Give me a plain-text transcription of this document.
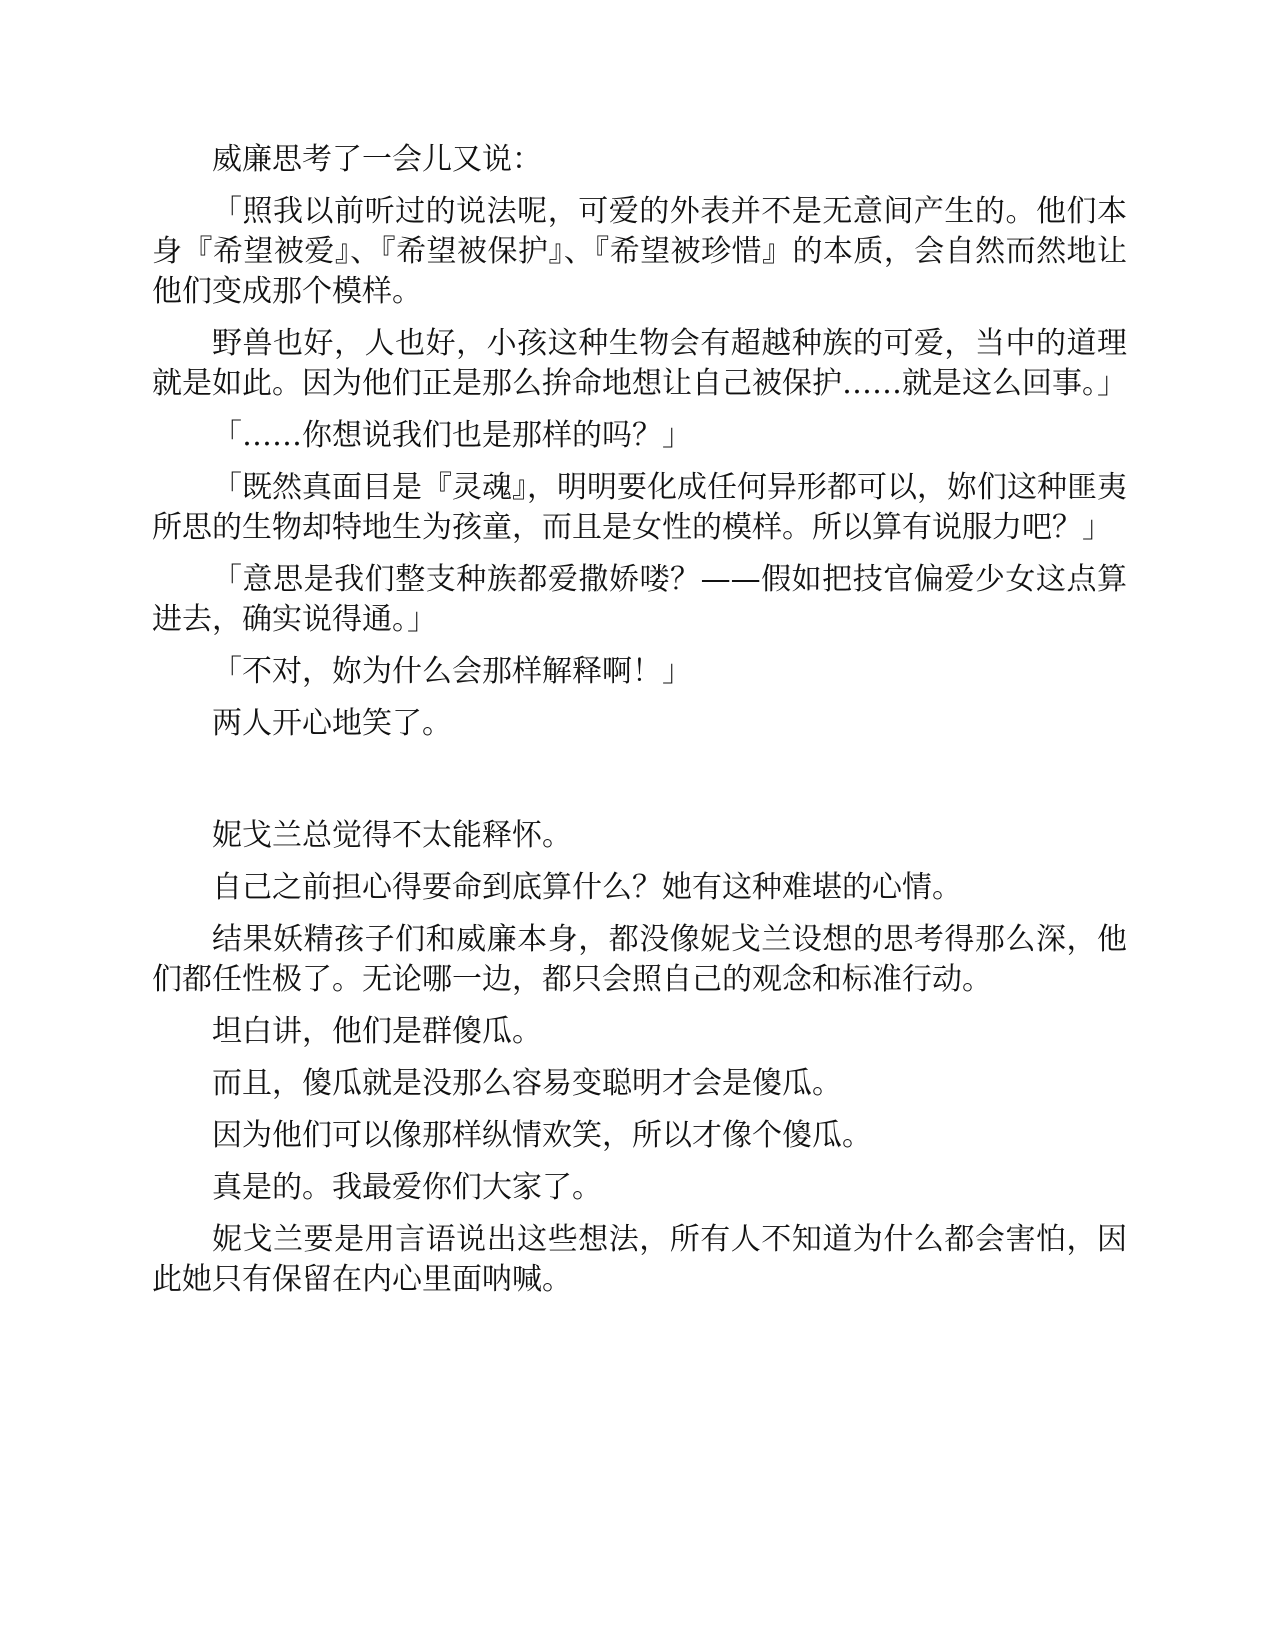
威廉思考了一会儿又说：

「照我以前听过的说法呢，可爱的外表并不是无意间产生的。他们本身『希望被爱』、『希望被保护』、『希望被珍惜』的本质，会自然而然地让他们变成那个模样。

野兽也好，人也好，小孩这种生物会有超越种族的可爱，当中的道理就是如此。因为他们正是那么拚命地想让自己被保护……就是这么回事。」

「……你想说我们也是那样的吗？」

「既然真面目是『灵魂』，明明要化成任何异形都可以，妳们这种匪夷所思的生物却特地生为孩童，而且是女性的模样。所以算有说服力吧？」

「意思是我们整支种族都爱撒娇喽？——假如把技官偏爱少女这点算进去，确实说得通。」

「不对，妳为什么会那样解释啊！」

两人开心地笑了。

妮戈兰总觉得不太能释怀。

自己之前担心得要命到底算什么？她有这种难堪的心情。

结果妖精孩子们和威廉本身，都没像妮戈兰设想的思考得那么深，他们都任性极了。无论哪一边，都只会照自己的观念和标准行动。

坦白讲，他们是群傻瓜。

而且，傻瓜就是没那么容易变聪明才会是傻瓜。

因为他们可以像那样纵情欢笑，所以才像个傻瓜。

真是的。我最爱你们大家了。

妮戈兰要是用言语说出这些想法，所有人不知道为什么都会害怕，因此她只有保留在内心里面呐喊。
